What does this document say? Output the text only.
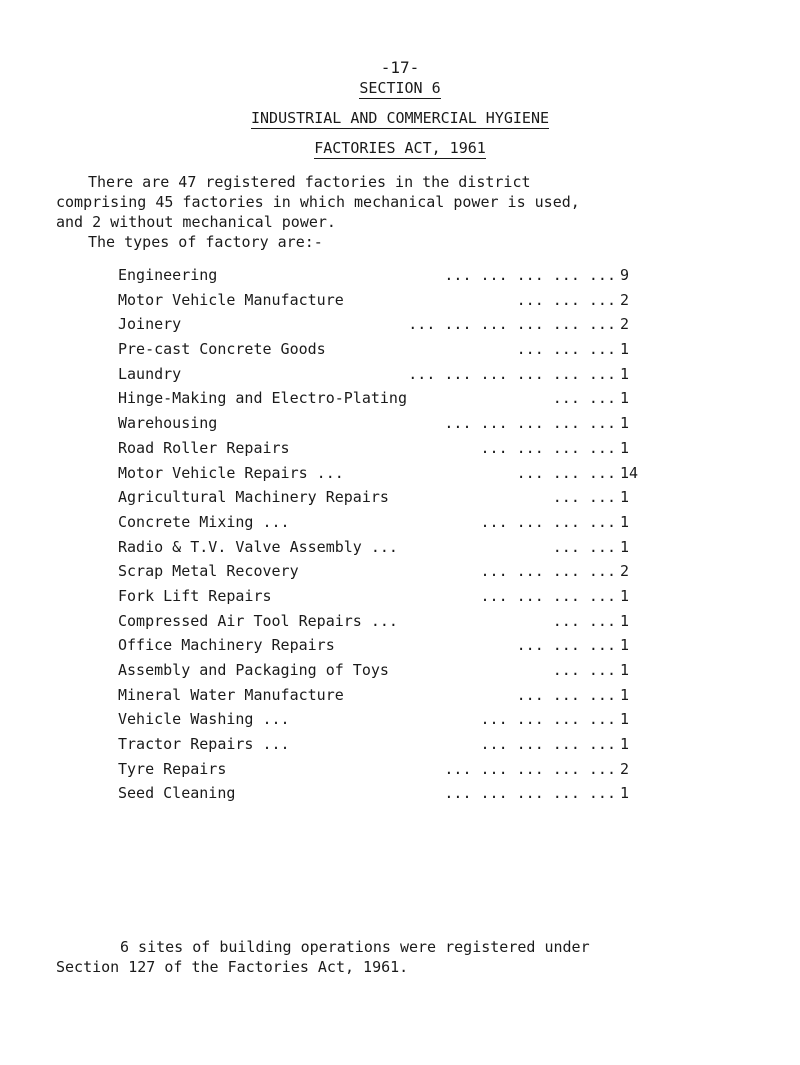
-17-
SECTION 6
INDUSTRIAL AND COMMERCIAL HYGIENE
FACTORIES ACT, 1961
There are 47 registered factories in the district
comprising 45 factories in which mechanical power is used,
and 2 without mechanical power.
The types of factory are:-
Engineering	... ... ... ... ... 9
Motor Vehicle Manufacture	... ... ... 2
Joinery	... ... ... ... ... ... 2
Pre-cast Concrete Goods	... ... ... 1
Laundry	... ... ... ... ... ... 1
Hinge-Making and Electro-Plating	... ... 1
Warehousing	... ... ... ... ... 1
Road Roller Repairs	... ... ... ... 1
Motor Vehicle Repairs ...	... ... ... 14
Agricultural Machinery Repairs	... ... 1
Concrete Mixing ...	... ... ... ... 1
Radio & T.V. Valve Assembly ...	... ... 1
Scrap Metal Recovery	... ... ... ... 2
Fork Lift Repairs	... ... ... ... 1
Compressed Air Tool Repairs ...	... ... 1
Office Machinery Repairs	... ... ... 1
Assembly and Packaging of Toys	... ... 1
Mineral Water Manufacture	... ... ... 1
Vehicle Washing ...	... ... ... ... 1
Tractor Repairs ...	... ... ... ... 1
Tyre Repairs	... ... ... ... ... 2
Seed Cleaning	... ... ... ... ... 1
6 sites of building operations were registered under
Section 127 of the Factories Act, 1961.
